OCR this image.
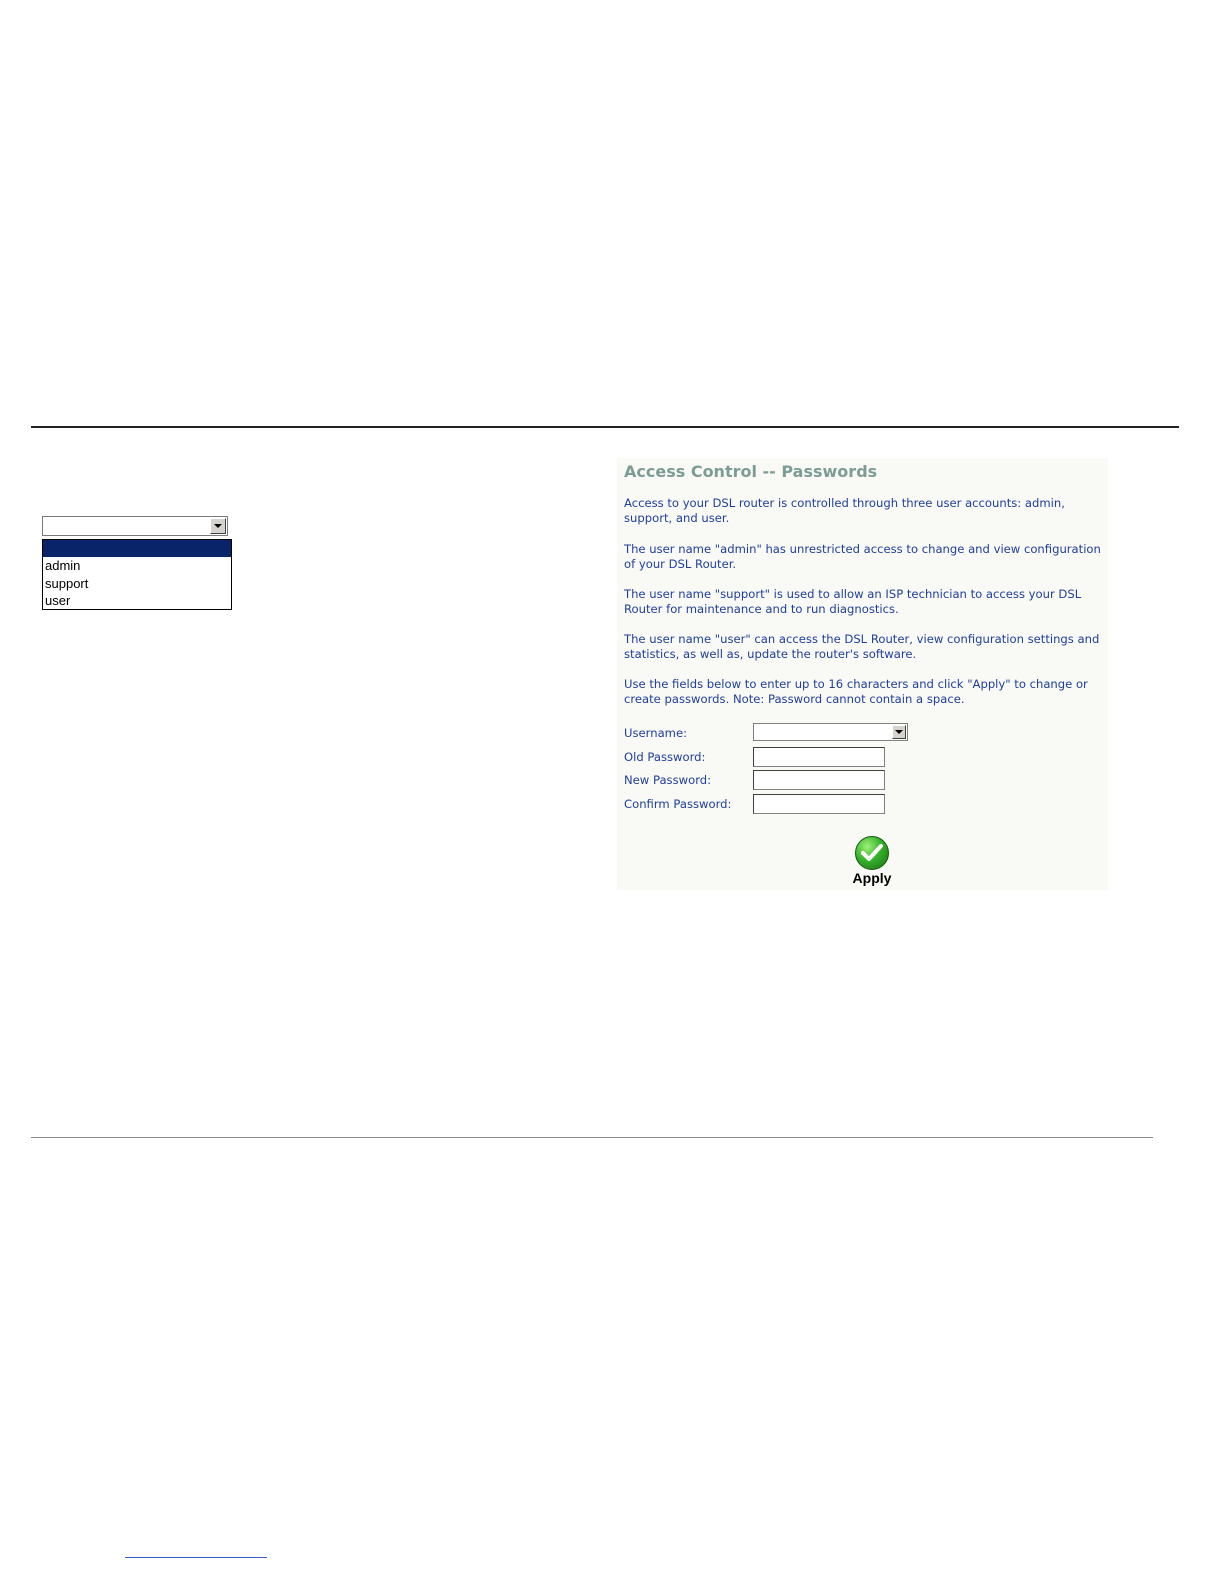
admin
support
user
Access Control -- Passwords

Access to your DSL router is controlled through three user accounts: admin, support, and user.

The user name "admin" has unrestricted access to change and view configuration of your DSL Router.

The user name "support" is used to allow an ISP technician to access your DSL Router for maintenance and to run diagnostics.

The user name "user" can access the DSL Router, view configuration settings and statistics, as well as, update the router's software.

Use the fields below to enter up to 16 characters and click "Apply" to change or create passwords. Note: Password cannot contain a space.

Username:
Old Password:
New Password:
Confirm Password:
Apply
